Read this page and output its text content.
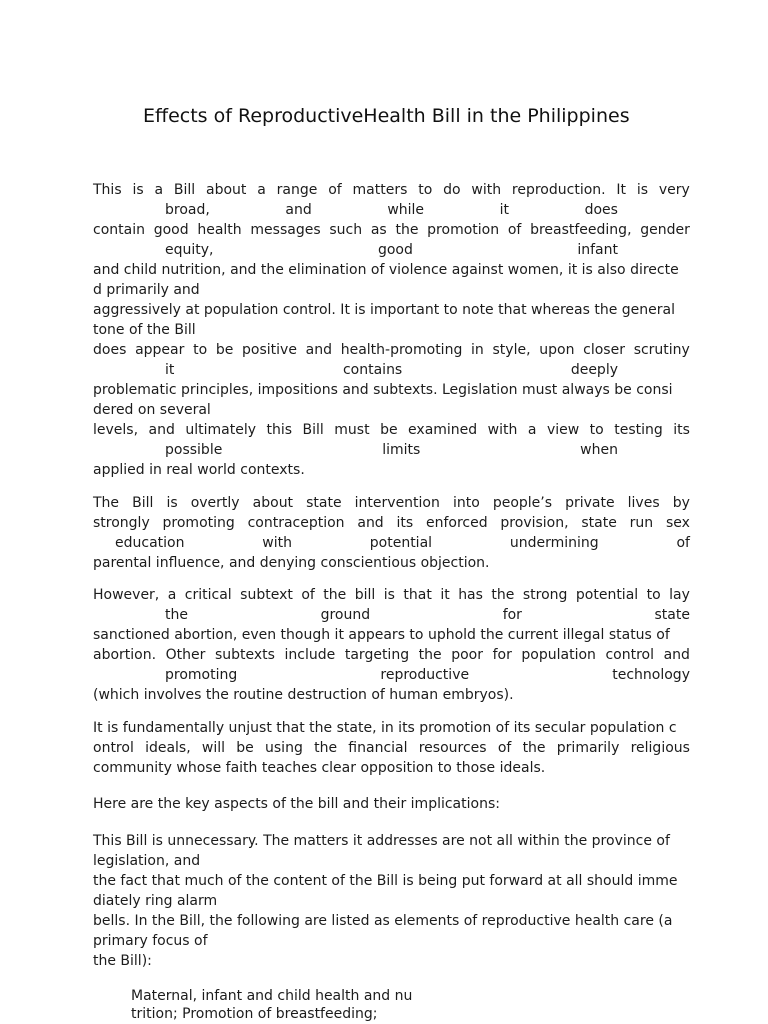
Effects of ReproductiveHealth Bill in the Philippines
This is a Bill about a range of matters to do with reproduction. It is very
broad,	and	while	it	does
contain good health messages such as the promotion of breastfeeding, gender
equity,	good	infant
and child nutrition, and the elimination of violence against women, it is also directe
d primarily and
aggressively at population control. It is important to note that whereas the general
tone of the Bill
does appear to be positive and health-promoting in style, upon closer scrutiny
it	contains	deeply
problematic principles, impositions and subtexts. Legislation must always be consi
dered on several
levels, and ultimately this Bill must be examined with a view to testing its
possible	limits	when
applied in real world contexts.
The Bill is overtly about state intervention into people’s private lives by
strongly promoting contraception and its enforced provision, state run sex
education	with	potential	undermining	of
parental influence, and denying conscientious objection.
However, a critical subtext of the bill is that it has the strong potential to lay
the	ground	for	state
sanctioned abortion, even though it appears to uphold the current illegal status of
abortion. Other subtexts include targeting the poor for population control and
promoting	reproductive	technology
(which involves the routine destruction of human embryos).
It is fundamentally unjust that the state, in its promotion of its secular population c
ontrol ideals, will be using the financial resources of the primarily religious
community whose faith teaches clear opposition to those ideals.
Here are the key aspects of the bill and their implications:
This Bill is unnecessary. The matters it addresses are not all within the province of
legislation, and
the fact that much of the content of the Bill is being put forward at all should imme
diately ring alarm
bells. In the Bill, the following are listed as elements of reproductive health care (a
primary focus of
the Bill):
Maternal, infant and child health and nu
trition; Promotion of breastfeeding;
